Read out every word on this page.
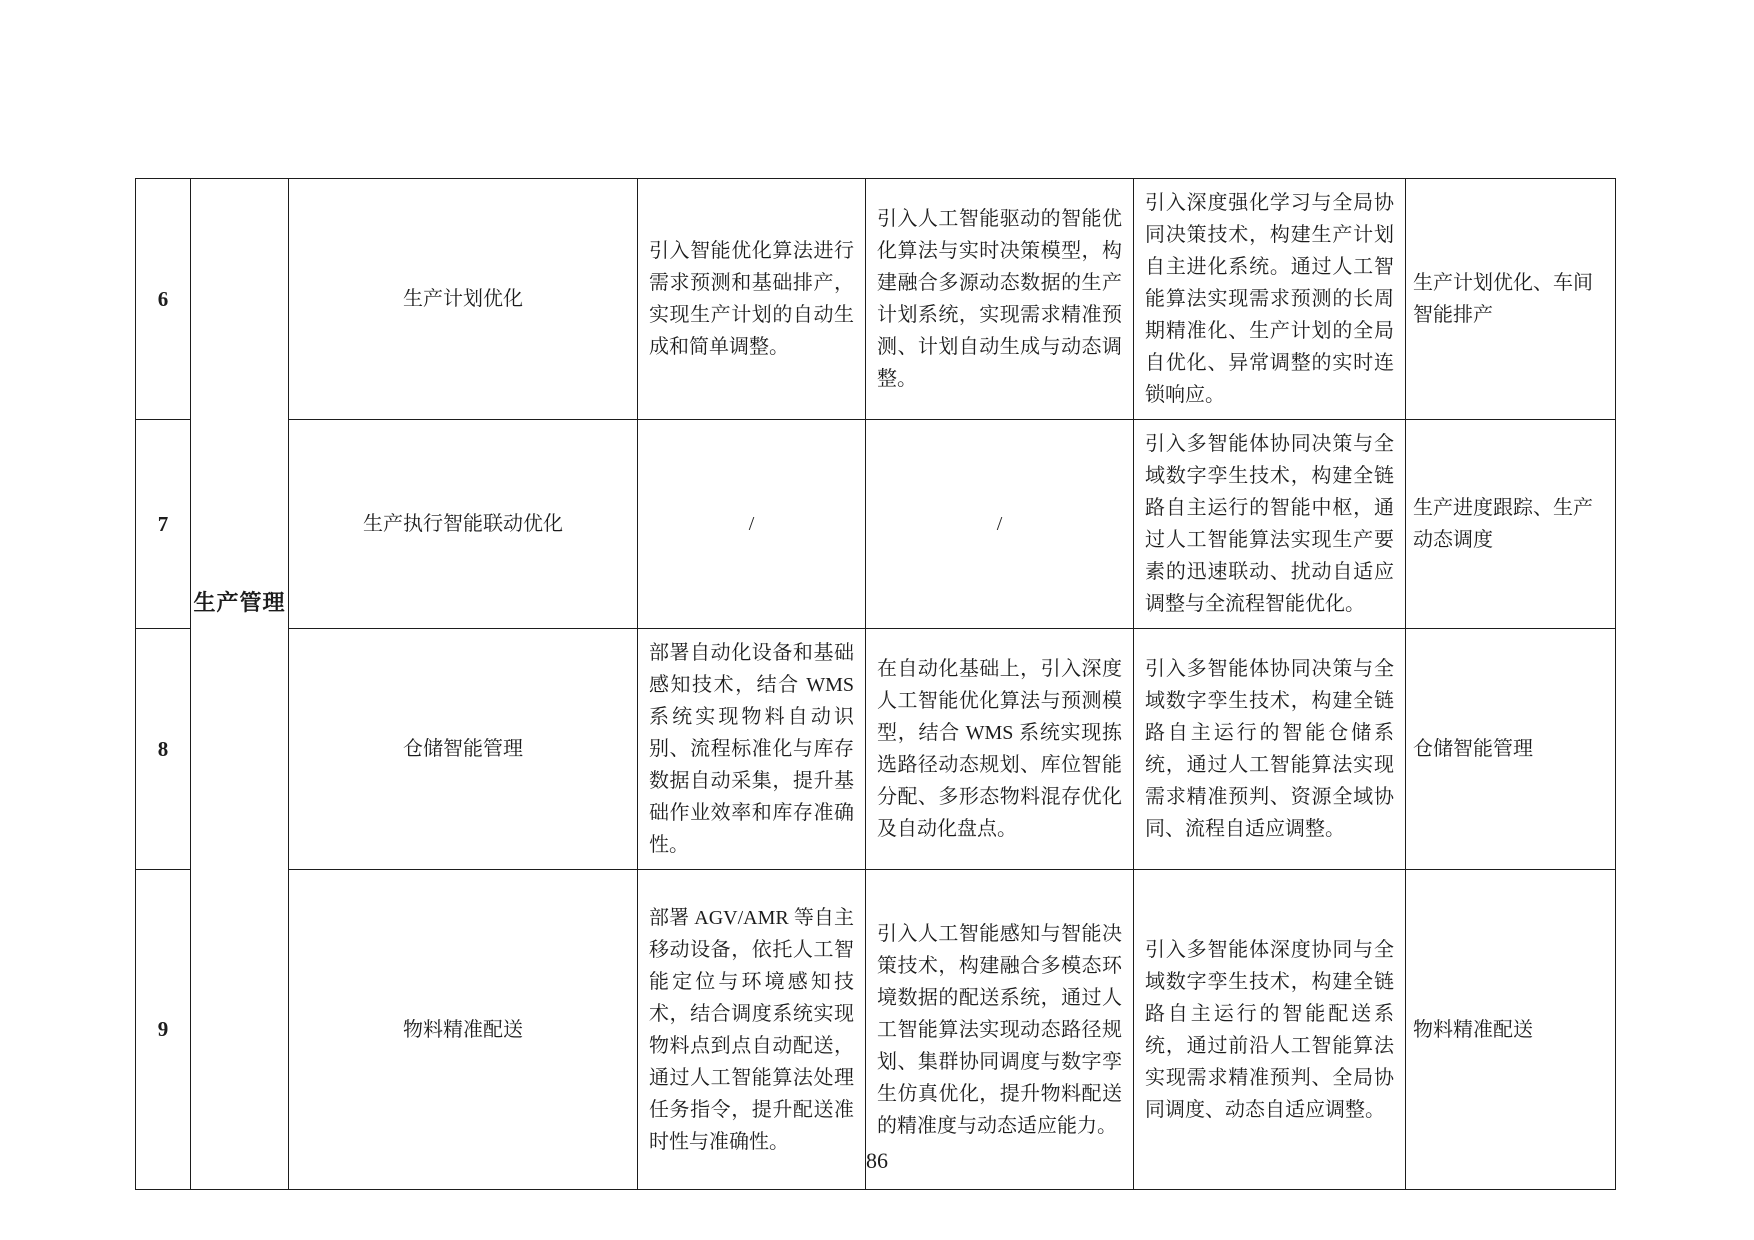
6	生产管理	生产计划优化	引入智能优化算法进行需求预测和基础排产，实现生产计划的自动生成和简单调整。	引入人工智能驱动的智能优化算法与实时决策模型，构建融合多源动态数据的生产计划系统，实现需求精准预测、计划自动生成与动态调整。	引入深度强化学习与全局协同决策技术，构建生产计划自主进化系统。通过人工智能算法实现需求预测的长周期精准化、生产计划的全局自优化、异常调整的实时连锁响应。	生产计划优化、车间智能排产
7		生产执行智能联动优化	/	/	引入多智能体协同决策与全域数字孪生技术，构建全链路自主运行的智能中枢，通过人工智能算法实现生产要素的迅速联动、扰动自适应调整与全流程智能优化。	生产进度跟踪、生产动态调度
8		仓储智能管理	部署自动化设备和基础感知技术，结合 WMS 系统实现物料自动识别、流程标准化与库存数据自动采集，提升基础作业效率和库存准确性。	在自动化基础上，引入深度人工智能优化算法与预测模型，结合 WMS 系统实现拣选路径动态规划、库位智能分配、多形态物料混存优化及自动化盘点。	引入多智能体协同决策与全域数字孪生技术，构建全链路自主运行的智能仓储系统，通过人工智能算法实现需求精准预判、资源全域协同、流程自适应调整。	仓储智能管理
9		物料精准配送	部署 AGV/AMR 等自主移动设备，依托人工智能定位与环境感知技术，结合调度系统实现物料点到点自动配送，通过人工智能算法处理任务指令，提升配送准时性与准确性。	引入人工智能感知与智能决策技术，构建融合多模态环境数据的配送系统，通过人工智能算法实现动态路径规划、集群协同调度与数字孪生仿真优化，提升物料配送的精准度与动态适应能力。	引入多智能体深度协同与全域数字孪生技术，构建全链路自主运行的智能配送系统，通过前沿人工智能算法实现需求精准预判、全局协同调度、动态自适应调整。	物料精准配送
86
